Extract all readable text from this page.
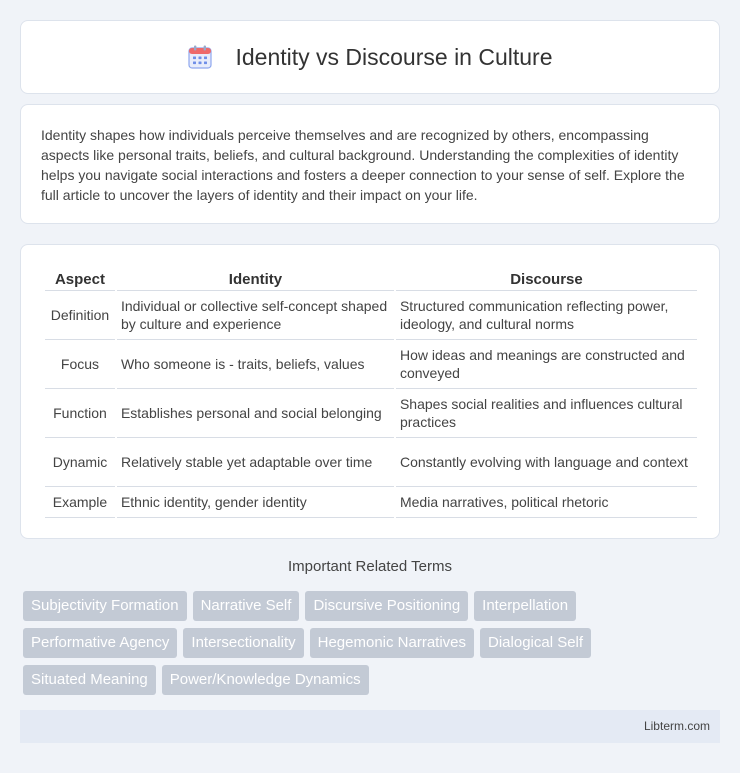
Identity vs Discourse in Culture

Identity shapes how individuals perceive themselves and are recognized by others, encompassing aspects like personal traits, beliefs, and cultural background. Understanding the complexities of identity helps you navigate social interactions and fosters a deeper connection to your sense of self. Explore the full article to uncover the layers of identity and their impact on your life.

Aspect	Identity	Discourse
Definition	Individual or collective self-concept shaped by culture and experience	Structured communication reflecting power, ideology, and cultural norms
Focus	Who someone is - traits, beliefs, values	How ideas and meanings are constructed and conveyed
Function	Establishes personal and social belonging	Shapes social realities and influences cultural practices
Dynamic	Relatively stable yet adaptable over time	Constantly evolving with language and context
Example	Ethnic identity, gender identity	Media narratives, political rhetoric
Important Related Terms
Subjectivity Formation	Narrative Self	Discursive Positioning	Interpellation
Performative Agency	Intersectionality	Hegemonic Narratives	Dialogical Self
Situated Meaning	Power/Knowledge Dynamics
Libterm.com
